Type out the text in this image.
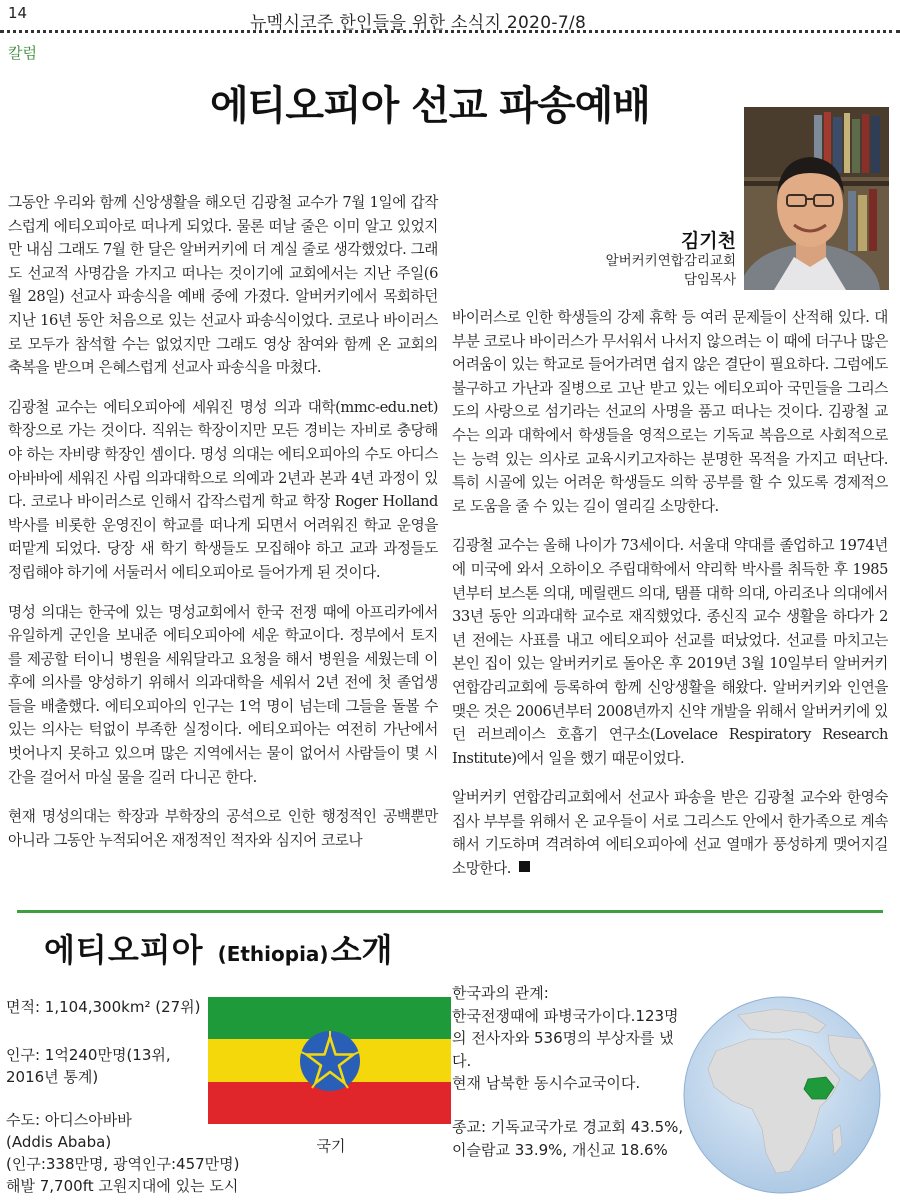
14	뉴멕시코주 한인들을 위한 소식지 2020-7/8
칼럼
에티오피아 선교 파송예배
김기천
알버커키연합감리교회
담임목사

그동안 우리와 함께 신앙생활을 해오던 김광철 교수가 7월 1일에 갑작스럽게 에티오피아로 떠나게 되었다. 물론 떠날 줄은 이미 알고 있었지만 내심 그래도 7월 한 달은 알버커키에 더 계실 줄로 생각했었다. 그래도 선교적 사명감을 가지고 떠나는 것이기에 교회에서는 지난 주일(6월 28일) 선교사 파송식을 예배 중에 가졌다. 알버커키에서 목회하던 지난 16년 동안 처음으로 있는 선교사 파송식이었다. 코로나 바이러스로 모두가 참석할 수는 없었지만 그래도 영상 참여와 함께 온 교회의 축복을 받으며 은혜스럽게 선교사 파송식을 마쳤다.

김광철 교수는 에티오피아에 세워진 명성 의과 대학(mmc-edu.net) 학장으로 가는 것이다. 직위는 학장이지만 모든 경비는 자비로 충당해야 하는 자비량 학장인 셈이다. 명성 의대는 에티오피아의 수도 아디스아바바에 세워진 사립 의과대학으로 의예과 2년과 본과 4년 과정이 있다. 코로나 바이러스로 인해서 갑작스럽게 학교 학장 Roger Holland박사를 비롯한 운영진이 학교를 떠나게 되면서 어려워진 학교 운영을 떠맡게 되었다. 당장 새 학기 학생들도 모집해야 하고 교과 과정들도 정립해야 하기에 서둘러서 에티오피아로 들어가게 된 것이다.

명성 의대는 한국에 있는 명성교회에서 한국 전쟁 때에 아프리카에서 유일하게 군인을 보내준 에티오피아에 세운 학교이다. 정부에서 토지를 제공할 터이니 병원을 세워달라고 요청을 해서 병원을 세웠는데 이후에 의사를 양성하기 위해서 의과대학을 세워서 2년 전에 첫 졸업생들을 배출했다. 에티오피아의 인구는 1억 명이 넘는데 그들을 돌볼 수 있는 의사는 턱없이 부족한 실정이다. 에티오피아는 여전히 가난에서 벗어나지 못하고 있으며 많은 지역에서는 물이 없어서 사람들이 몇 시간을 걸어서 마실 물을 길러 다니곤 한다.

현재 명성의대는 학장과 부학장의 공석으로 인한 행정적인 공백뿐만 아니라 그동안 누적되어온 재정적인 적자와 심지어 코로나

바이러스로 인한 학생들의 강제 휴학 등 여러 문제들이 산적해 있다. 대부분 코로나 바이러스가 무서워서 나서지 않으려는 이 때에 더구나 많은 어려움이 있는 학교로 들어가려면 쉽지 않은 결단이 필요하다. 그럼에도 불구하고 가난과 질병으로 고난 받고 있는 에티오피아 국민들을 그리스도의 사랑으로 섬기라는 선교의 사명을 품고 떠나는 것이다. 김광철 교수는 의과 대학에서 학생들을 영적으로는 기독교 복음으로 사회적으로는 능력 있는 의사로 교육시키고자하는 분명한 목적을 가지고 떠난다. 특히 시골에 있는 어려운 학생들도 의학 공부를 할 수 있도록 경제적으로 도움을 줄 수 있는 길이 열리길 소망한다.

김광철 교수는 올해 나이가 73세이다. 서울대 약대를 졸업하고 1974년에 미국에 와서 오하이오 주립대학에서 약리학 박사를 취득한 후 1985년부터 보스톤 의대, 메릴랜드 의대, 탬플 대학 의대, 아리조나 의대에서 33년 동안 의과대학 교수로 재직했었다. 종신직 교수 생활을 하다가 2년 전에는 사표를 내고 에티오피아 선교를 떠났었다. 선교를 마치고는 본인 집이 있는 알버커키로 돌아온 후 2019년 3월 10일부터 알버커키 연합감리교회에 등록하여 함께 신앙생활을 해왔다. 알버커키와 인연을 맺은 것은 2006년부터 2008년까지 신약 개발을 위해서 알버커키에 있던 러브레이스 호흡기 연구소(Lovelace Respiratory Research Institute)에서 일을 했기 때문이었다.

알버커키 연합감리교회에서 선교사 파송을 받은 김광철 교수와 한영숙 집사 부부를 위해서 온 교우들이 서로 그리스도 안에서 한가족으로 계속해서 기도하며 격려하여 에티오피아에 선교 열매가 풍성하게 맺어지길 소망한다.

에티오피아 (Ethiopia)소개
면적: 1,104,300km² (27위)
인구: 1억240만명(13위, 2016년 통계)
수도: 아디스아바바
(Addis Ababa)
(인구:338만명, 광역인구:457만명)
해발 7,700ft 고원지대에 있는 도시
국기
한국과의 관계:
한국전쟁때에 파병국가이다.123명의 전사자와 536명의 부상자를 냈다.
현재 남북한 동시수교국이다.
종교: 기독교국가로 경교회 43.5%, 이슬람교 33.9%, 개신교 18.6%
